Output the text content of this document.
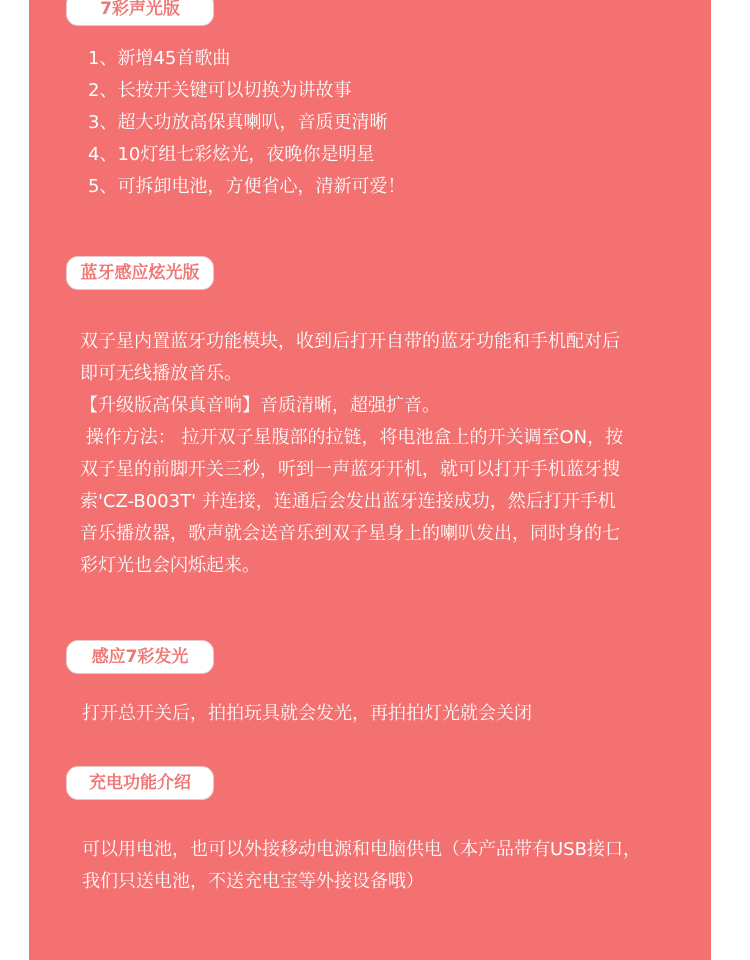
7彩声光版
1、新增45首歌曲
2、长按开关键可以切换为讲故事
3、超大功放高保真喇叭，音质更清晰
4、10灯组七彩炫光，夜晚你是明星
5、可拆卸电池，方便省心，清新可爱！
蓝牙感应炫光版
双子星内置蓝牙功能模块，收到后打开自带的蓝牙功能和手机配对后
即可无线播放音乐。
【升级版高保真音响】音质清晰，超强扩音。
操作方法： 拉开双子星腹部的拉链，将电池盒上的开关调至ON，按
双子星的前脚开关三秒，听到一声蓝牙开机，就可以打开手机蓝牙搜
索'CZ-B003T' 并连接，连通后会发出蓝牙连接成功，然后打开手机
音乐播放器，歌声就会送音乐到双子星身上的喇叭发出，同时身的七
彩灯光也会闪烁起来。
感应7彩发光
打开总开关后，拍拍玩具就会发光，再拍拍灯光就会关闭
充电功能介绍
可以用电池，也可以外接移动电源和电脑供电（本产品带有USB接口，
我们只送电池，不送充电宝等外接设备哦）
